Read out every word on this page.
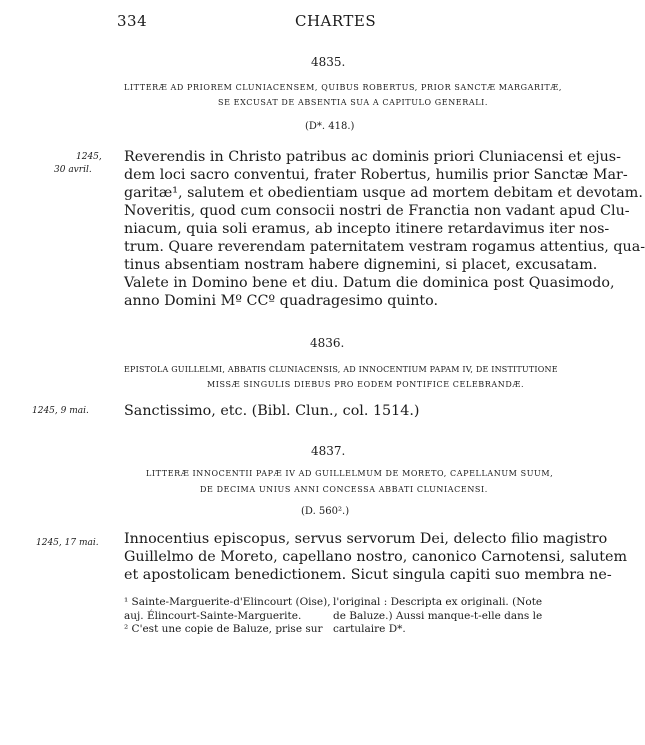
334	CHARTES
4835.
LITTERÆ AD PRIOREM CLUNIACENSEM, QUIBUS ROBERTUS, PRIOR SANCTÆ MARGARITÆ,
SE EXCUSAT DE ABSENTIA SUA A CAPITULO GENERALI.
(D*. 418.)
1245,
30 avril.
Reverendis in Christo patribus ac dominis priori Cluniacensi et ejus-
dem loci sacro conventui, frater Robertus, humilis prior Sanctæ Mar-
garitæ¹, salutem et obedientiam usque ad mortem debitam et devotam.
Noveritis, quod cum consocii nostri de Franctia non vadant apud Clu-
niacum, quia soli eramus, ab incepto itinere retardavimus iter nos-
trum. Quare reverendam paternitatem vestram rogamus attentius, qua-
tinus absentiam nostram habere dignemini, si placet, excusatam.
Valete in Domino bene et diu. Datum die dominica post Quasimodo,
anno Domini Mº CCº quadragesimo quinto.
4836.
EPISTOLA GUILLELMI, ABBATIS CLUNIACENSIS, AD INNOCENTIUM PAPAM IV, DE INSTITUTIONE
MISSÆ SINGULIS DIEBUS PRO EODEM PONTIFICE CELEBRANDÆ.
1245, 9 mai. Sanctissimo, etc. (Bibl. Clun., col. 1514.)
4837.
LITTERÆ INNOCENTII PAPÆ IV AD GUILLELMUM DE MORETO, CAPELLANUM SUUM,
DE DECIMA UNIUS ANNI CONCESSA ABBATI CLUNIACENSI.
(D. 560².)
1245, 17 mai. Innocentius episcopus, servus servorum Dei, delecto filio magistro
Guillelmo de Moreto, capellano nostro, canonico Carnotensi, salutem
et apostolicam benedictionem. Sicut singula capiti suo membra ne-
¹ Sainte-Marguerite-d'Elincourt (Oise),
auj. Élincourt-Sainte-Marguerite.
² C'est une copie de Baluze, prise sur
l'original : Descripta ex originali. (Note
de Baluze.) Aussi manque-t-elle dans le
cartulaire D*.
